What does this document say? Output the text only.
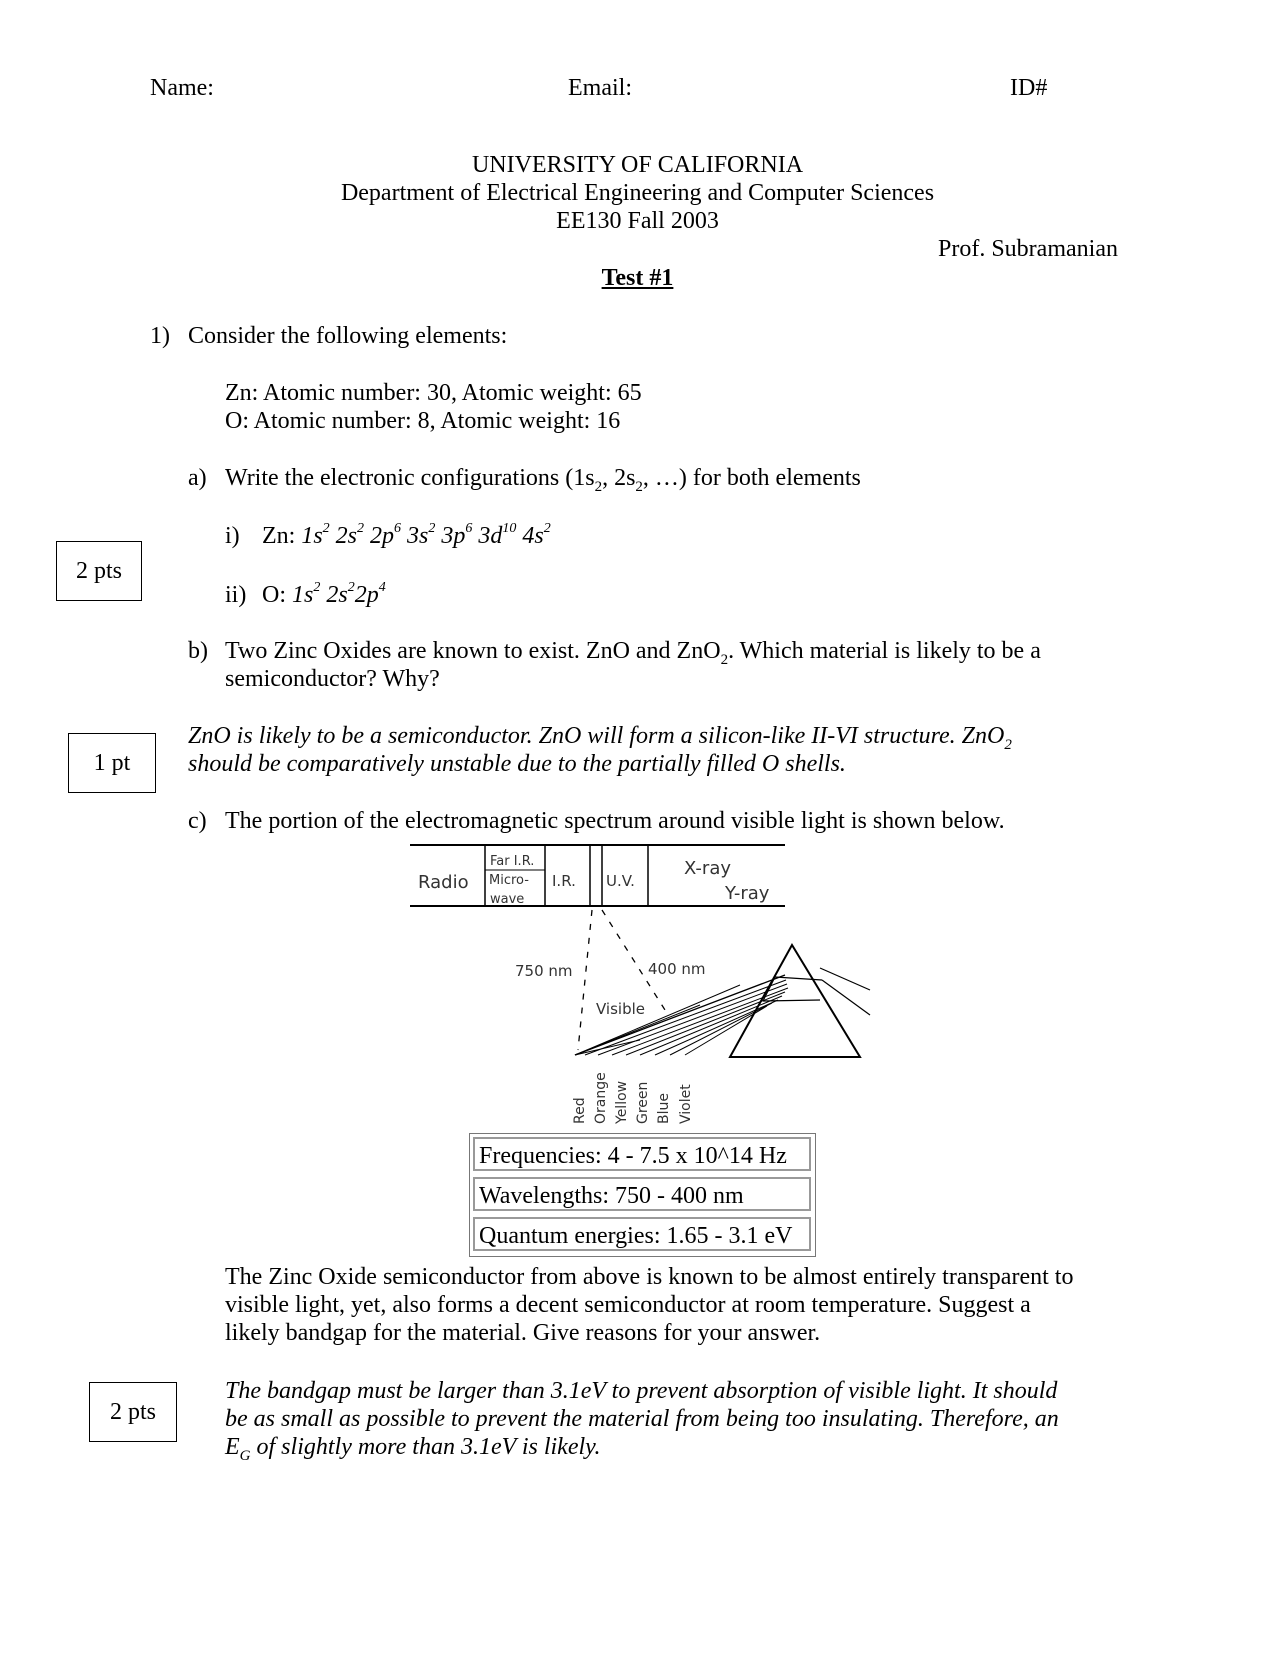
Name:	Email:	ID#
UNIVERSITY OF CALIFORNIA
Department of Electrical Engineering and Computer Sciences
EE130 Fall 2003
Prof. Subramanian
Test #1
1) Consider the following elements:
Zn: Atomic number: 30, Atomic weight: 65
O: Atomic number: 8, Atomic weight: 16
a) Write the electronic configurations ($1s_2$, $2s_2$, …) for both elements
2 pts
i) Zn: $1s^2$ $2s^2$ $2p^6$ $3s^2$ $3p^6$ $3d^{10}$ $4s^2$
ii) O: $1s^2$ $2s^22p^4$
b) Two Zinc Oxides are known to exist. ZnO and ZnO$_2$. Which material is likely to be a
semiconductor? Why?
1 pt
ZnO is likely to be a semiconductor. ZnO will form a silicon-like II-VI structure. ZnO$_2$
should be comparatively unstable due to the partially filled O shells.
c) The portion of the electromagnetic spectrum around visible light is shown below.
Radio
Far I.R.
Micro-
wave
I.R. U.V.
X-ray
Y-ray
750 nm	400 nm
Visible
Red Orange Yellow Green Blue Violet
Frequencies: 4 - 7.5 x 10^14 Hz
Wavelengths: 750 - 400 nm
Quantum energies: 1.65 - 3.1 eV
The Zinc Oxide semiconductor from above is known to be almost entirely transparent to
visible light, yet, also forms a decent semiconductor at room temperature. Suggest a
likely bandgap for the material. Give reasons for your answer.
2 pts
The bandgap must be larger than 3.1eV to prevent absorption of visible light. It should
be as small as possible to prevent the material from being too insulating. Therefore, an
$E_G$ of slightly more than 3.1eV is likely.
